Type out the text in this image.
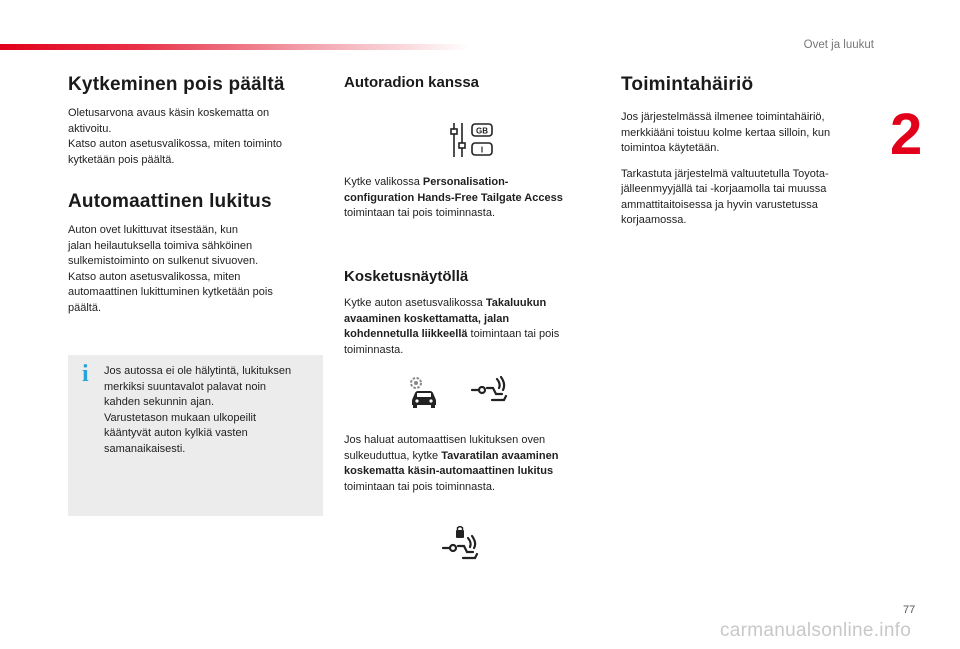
Ovet ja luukut
2
Kytkeminen pois päältä

Oletusarvona avaus käsin koskematta on
aktivoitu.
Katso auton asetusvalikossa, miten toiminto
kytketään pois päältä.

Automaattinen lukitus

Auton ovet lukittuvat itsestään, kun
jalan heilautuksella toimiva sähköinen
sulkemistoiminto on sulkenut sivuoven.
Katso auton asetusvalikossa, miten
automaattinen lukittuminen kytketään pois
päältä.

i	Jos autossa ei ole hälytintä, lukituksen
merkiksi suuntavalot palavat noin
kahden sekunnin ajan.
Varustetason mukaan ulkopeilit
kääntyvät auton kylkiä vasten
samanaikaisesti.
Autoradion kanssa
GB
I

Kytke valikossa Personalisation-
configuration Hands-Free Tailgate Access
toimintaan tai pois toiminnasta.

Kosketusnäytöllä

Kytke auton asetusvalikossa Takaluukun
avaaminen koskettamatta, jalan
kohdennetulla liikkeellä toimintaan tai pois
toiminnasta.

Jos haluat automaattisen lukituksen oven
sulkeuduttua, kytke Tavaratilan avaaminen
koskematta käsin-automaattinen lukitus
toimintaan tai pois toiminnasta.

Toimintahäiriö

Jos järjestelmässä ilmenee toimintahäiriö,
merkkiääni toistuu kolme kertaa silloin, kun
toimintoa käytetään.

Tarkastuta järjestelmä valtuutetulla Toyota-
jälleenmyyjällä tai -korjaamolla tai muussa
ammattitaitoisessa ja hyvin varustetussa
korjaamossa.

77
carmanualsonline.info
